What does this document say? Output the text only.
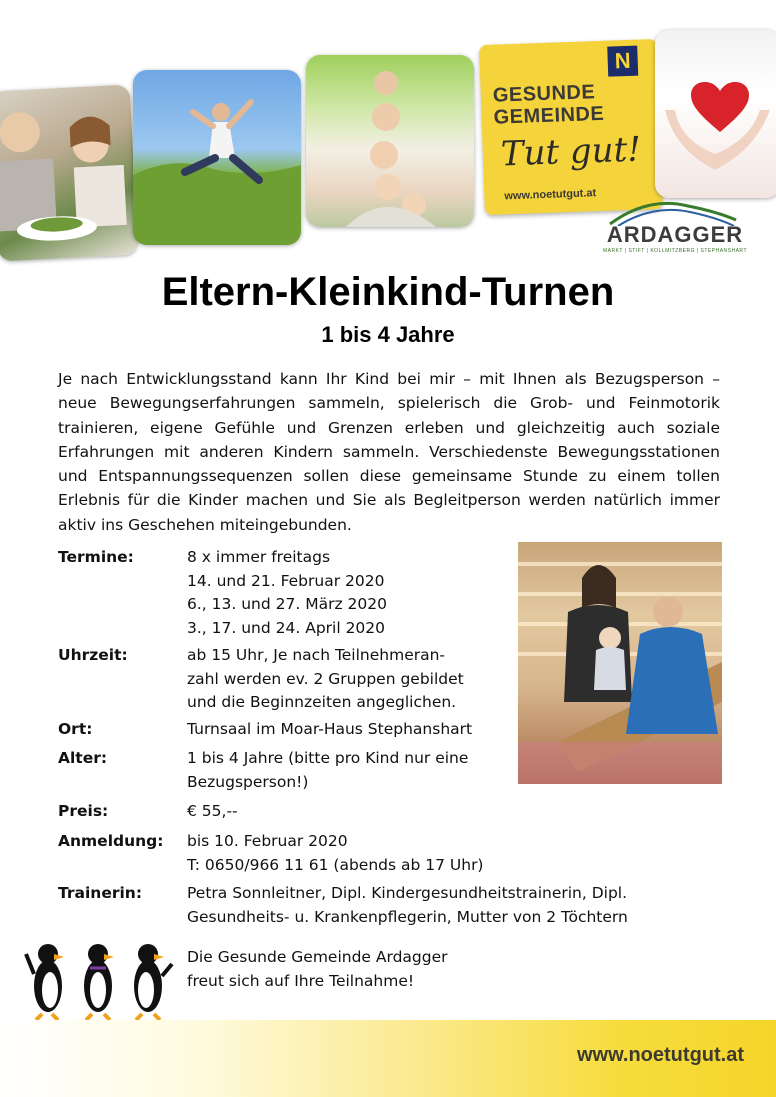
N
GESUNDE
GEMEINDE
Tut gut!
www.noetutgut.at
ARDAGGER
MARKT | STIFT | KOLLMITZBERG | STEPHANSHART
Eltern-Kleinkind-Turnen
1 bis 4 Jahre
Je nach Entwicklungsstand kann Ihr Kind bei mir – mit Ihnen als Bezugsperson – neue Bewegungserfahrungen sammeln, spielerisch die Grob- und Feinmotorik trainieren, eigene Gefühle und Grenzen erleben und gleichzeitig auch soziale Erfahrungen mit anderen Kindern sammeln. Verschiedenste Bewegungsstationen und Entspannungssequenzen sollen diese gemeinsame Stunde zu einem tollen Erlebnis für die Kinder machen und Sie als Begleitperson werden natürlich immer aktiv ins Geschehen miteingebunden.
Termine:	8 x immer freitags
14. und 21. Februar 2020
6., 13. und 27. März 2020
3., 17. und 24. April 2020
Uhrzeit:	ab 15 Uhr, Je nach Teilnehmeran-
zahl werden ev. 2 Gruppen gebildet
und die Beginnzeiten angeglichen.
Ort:	Turnsaal im Moar-Haus Stephanshart
Alter:	1 bis 4 Jahre (bitte pro Kind nur eine
Bezugsperson!)
Preis:	€ 55,--
Anmeldung:	bis 10. Februar 2020
T: 0650/966 11 61 (abends ab 17 Uhr)
Trainerin:	Petra Sonnleitner, Dipl. Kindergesundheitstrainerin, Dipl.
Gesundheits- u. Krankenpflegerin, Mutter von 2 Töchtern
Die Gesunde Gemeinde Ardagger
freut sich auf Ihre Teilnahme!
www.noetutgut.at
